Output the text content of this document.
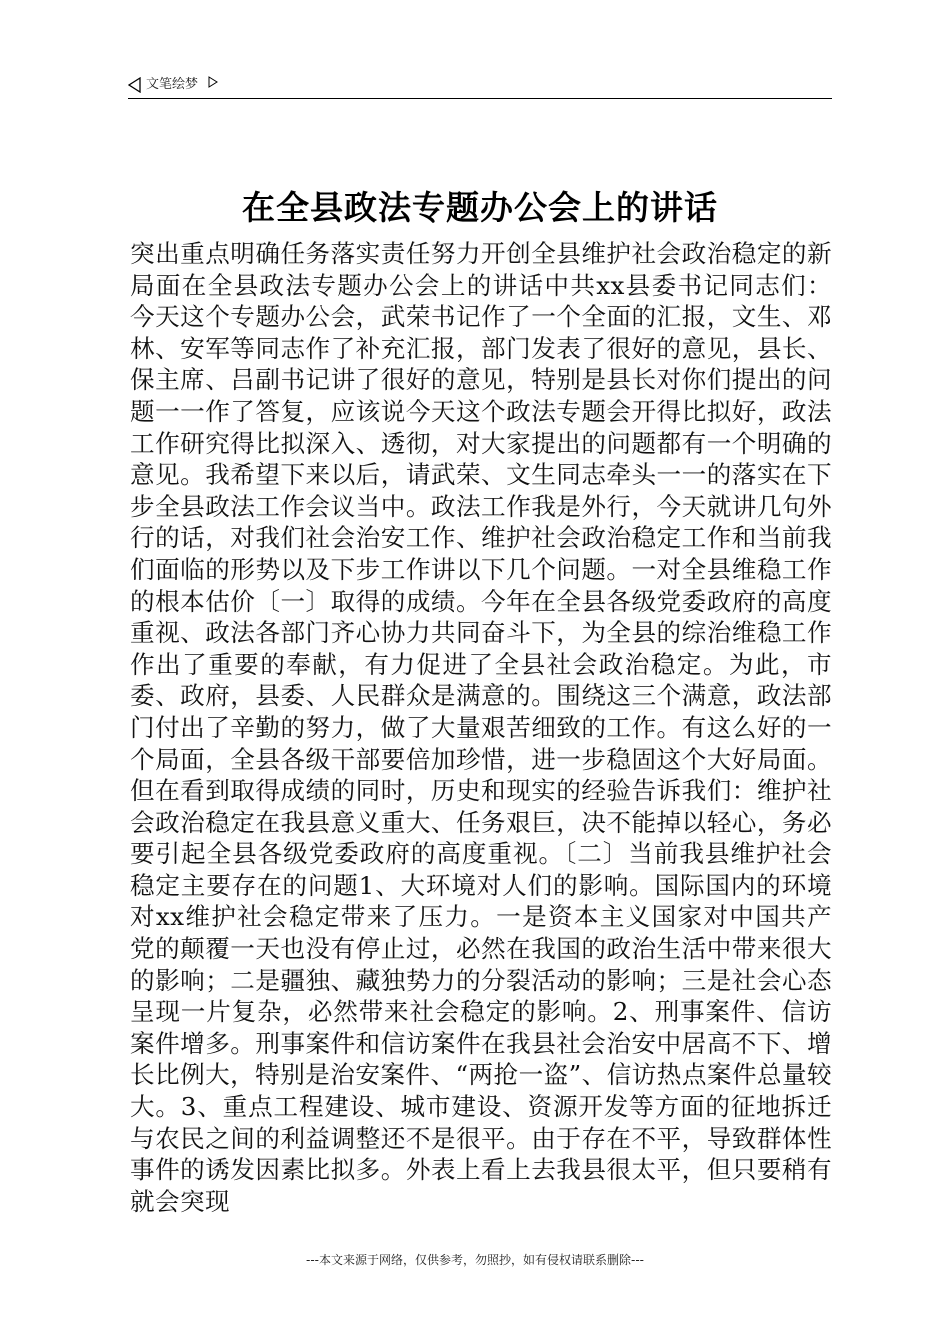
文笔绘梦
在全县政法专题办公会上的讲话

突出重点明确任务落实责任努力开创全县维护社会政治稳定的新局面在全县政法专题办公会上的讲话中共xx县委书记同志们：今天这个专题办公会，武荣书记作了一个全面的汇报，文生、邓林、安军等同志作了补充汇报，部门发表了很好的意见，县长、保主席、吕副书记讲了很好的意见，特别是县长对你们提出的问题一一作了答复，应该说今天这个政法专题会开得比拟好，政法工作研究得比拟深入、透彻，对大家提出的问题都有一个明确的意见。我希望下来以后，请武荣、文生同志牵头一一的落实在下步全县政法工作会议当中。政法工作我是外行，今天就讲几句外行的话，对我们社会治安工作、维护社会政治稳定工作和当前我们面临的形势以及下步工作讲以下几个问题。一对全县维稳工作的根本估价〔一〕取得的成绩。今年在全县各级党委政府的高度重视、政法各部门齐心协力共同奋斗下，为全县的综治维稳工作作出了重要的奉献，有力促进了全县社会政治稳定。为此，市委、政府，县委、人民群众是满意的。围绕这三个满意，政法部门付出了辛勤的努力，做了大量艰苦细致的工作。有这么好的一个局面，全县各级干部要倍加珍惜，进一步稳固这个大好局面。但在看到取得成绩的同时，历史和现实的经验告诉我们：维护社会政治稳定在我县意义重大、任务艰巨，决不能掉以轻心，务必要引起全县各级党委政府的高度重视。〔二〕当前我县维护社会稳定主要存在的问题1、大环境对人们的影响。国际国内的环境对xx维护社会稳定带来了压力。一是资本主义国家对中国共产党的颠覆一天也没有停止过，必然在我国的政治生活中带来很大的影响；二是疆独、藏独势力的分裂活动的影响；三是社会心态呈现一片复杂，必然带来社会稳定的影响。2、刑事案件、信访案件增多。刑事案件和信访案件在我县社会治安中居高不下、增长比例大，特别是治安案件、“两抢一盗”、信访热点案件总量较大。3、重点工程建设、城市建设、资源开发等方面的征地拆迁与农民之间的利益调整还不是很平。由于存在不平，导致群体性事件的诱发因素比拟多。外表上看上去我县很太平，但只要稍有就会突现

---本文来源于网络，仅供参考，勿照抄，如有侵权请联系删除---
